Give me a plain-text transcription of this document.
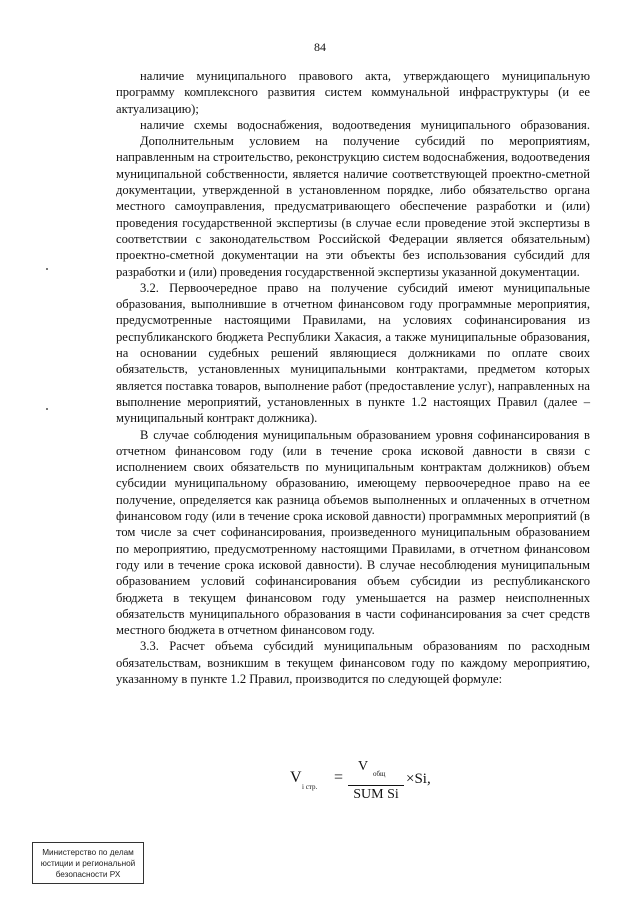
84

наличие муниципального правового акта, утверждающего муниципальную программу комплексного развития систем коммунальной инфраструктуры (и ее актуализацию);

наличие схемы водоснабжения, водоотведения муниципального образования.

Дополнительным условием на получение субсидий по мероприятиям, направленным на строительство, реконструкцию систем водоснабжения, водоотведения муниципальной собственности, является наличие соответствующей проектно-сметной документации, утвержденной в установленном порядке, либо обязательство органа местного самоуправления, предусматривающего обеспечение разработки и (или) проведения государственной экспертизы (в случае если проведение этой экспертизы в соответствии с законодательством Российской Федерации является обязательным) проектно-сметной документации на эти объекты без использования субсидий для разработки и (или) проведения государственной экспертизы указанной документации.

3.2. Первоочередное право на получение субсидий имеют муниципальные образования, выполнившие в отчетном финансовом году программные мероприятия, предусмотренные настоящими Правилами, на условиях софинансирования из республиканского бюджета Республики Хакасия, а также муниципальные образования, на основании судебных решений являющиеся должниками по оплате своих обязательств, установленных муниципальными контрактами, предметом которых является поставка товаров, выполнение работ (предоставление услуг), направленных на выполнение мероприятий, установленных в пункте 1.2 настоящих Правил (далее – муниципальный контракт должника).

В случае соблюдения муниципальным образованием уровня софинансирования в отчетном финансовом году (или в течение срока исковой давности в связи с исполнением своих обязательств по муниципальным контрактам должников) объем субсидии муниципальному образованию, имеющему первоочередное право на ее получение, определяется как разница объемов выполненных и оплаченных в отчетном финансовом году (или в течение срока исковой давности) программных мероприятий (в том числе за счет софинансирования, произведенного муниципальным образованием по мероприятию, предусмотренному настоящими Правилами, в отчетном финансовом году или в течение срока исковой давности). В случае несоблюдения муниципальным образованием условий софинансирования объем субсидии из республиканского бюджета в текущем финансовом году уменьшается на размер неисполненных обязательств муниципального образования в части софинансирования за счет средств местного бюджета в отчетном финансовом году.

3.3. Расчет объема субсидий муниципальным образованиям по расходным обязательствам, возникшим в текущем финансовом году по каждому мероприятию, указанному в пункте 1.2 Правил, производится по следующей формуле:

V
i стр.
=
V общ
SUM Si
×Si,
Министерство по делам
юстиции и региональной
безопасности РХ
